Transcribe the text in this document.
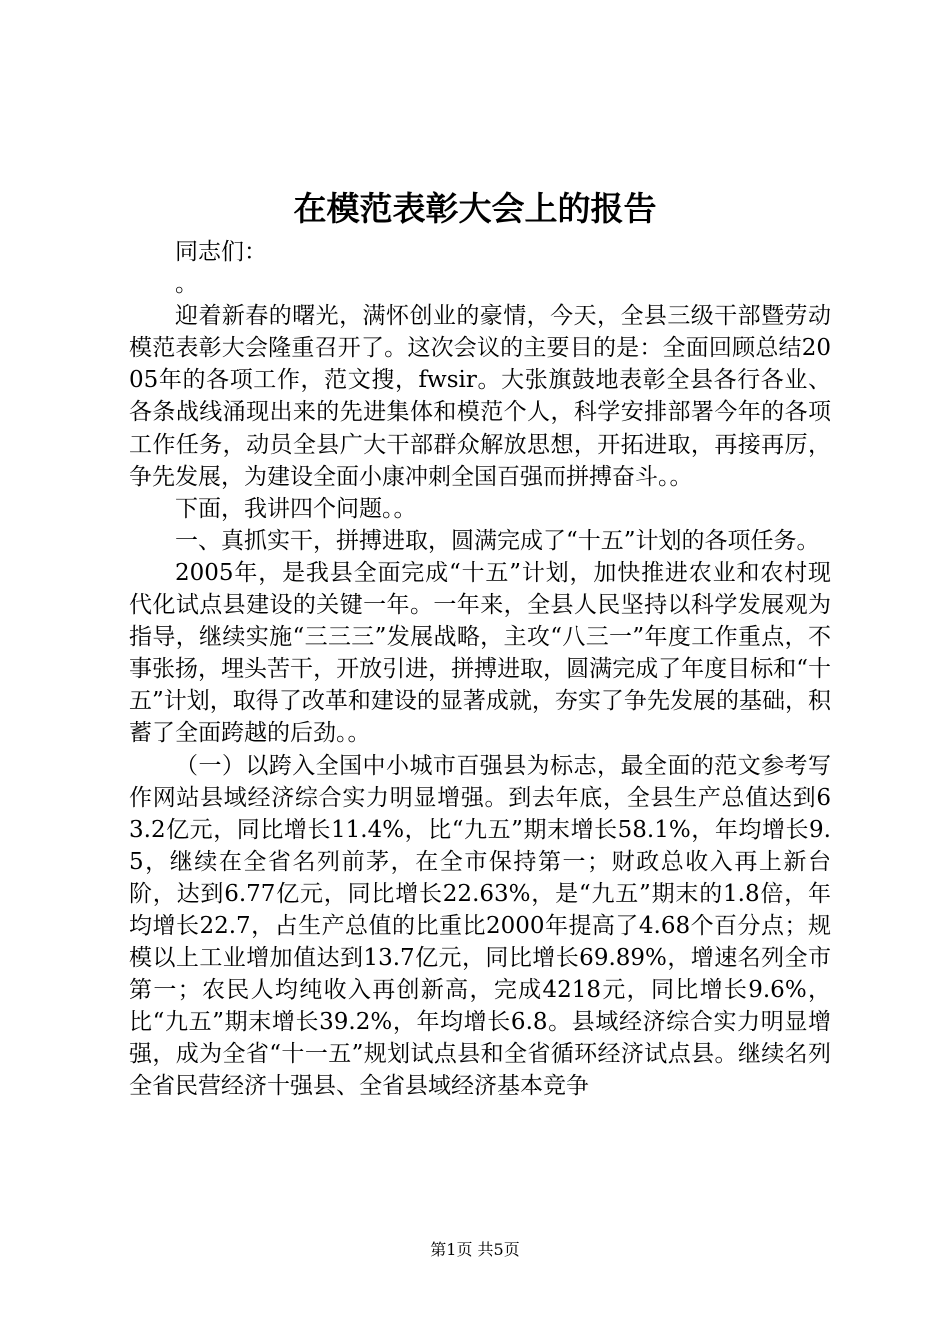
在模范表彰大会上的报告

同志们：

。

迎着新春的曙光，满怀创业的豪情，今天，全县三级干部暨劳动模范表彰大会隆重召开了。这次会议的主要目的是：全面回顾总结2005年的各项工作，范文搜，fwsir。大张旗鼓地表彰全县各行各业、各条战线涌现出来的先进集体和模范个人，科学安排部署今年的各项工作任务，动员全县广大干部群众解放思想，开拓进取，再接再厉，争先发展，为建设全面小康冲刺全国百强而拼搏奋斗。。

下面，我讲四个问题。。

一、真抓实干，拼搏进取，圆满完成了“十五”计划的各项任务。

2005年，是我县全面完成“十五”计划，加快推进农业和农村现代化试点县建设的关键一年。一年来，全县人民坚持以科学发展观为指导，继续实施“三三三”发展战略，主攻“八三一”年度工作重点，不事张扬，埋头苦干，开放引进，拼搏进取，圆满完成了年度目标和“十五”计划，取得了改革和建设的显著成就，夯实了争先发展的基础，积蓄了全面跨越的后劲。。

（一）以跨入全国中小城市百强县为标志，最全面的范文参考写作网站县域经济综合实力明显增强。到去年底，全县生产总值达到63.2亿元，同比增长11.4%，比“九五”期末增长58.1%，年均增长9.5，继续在全省名列前茅，在全市保持第一；财政总收入再上新台阶，达到6.77亿元，同比增长22.63%，是“九五”期末的1.8倍，年均增长22.7，占生产总值的比重比2000年提高了4.68个百分点；规模以上工业增加值达到13.7亿元，同比增长69.89%，增速名列全市第一；农民人均纯收入再创新高，完成4218元，同比增长9.6%，比“九五”期末增长39.2%，年均增长6.8。县域经济综合实力明显增强，成为全省“十一五”规划试点县和全省循环经济试点县。继续名列全省民营经济十强县、全省县域经济基本竞争

第1页 共5页
